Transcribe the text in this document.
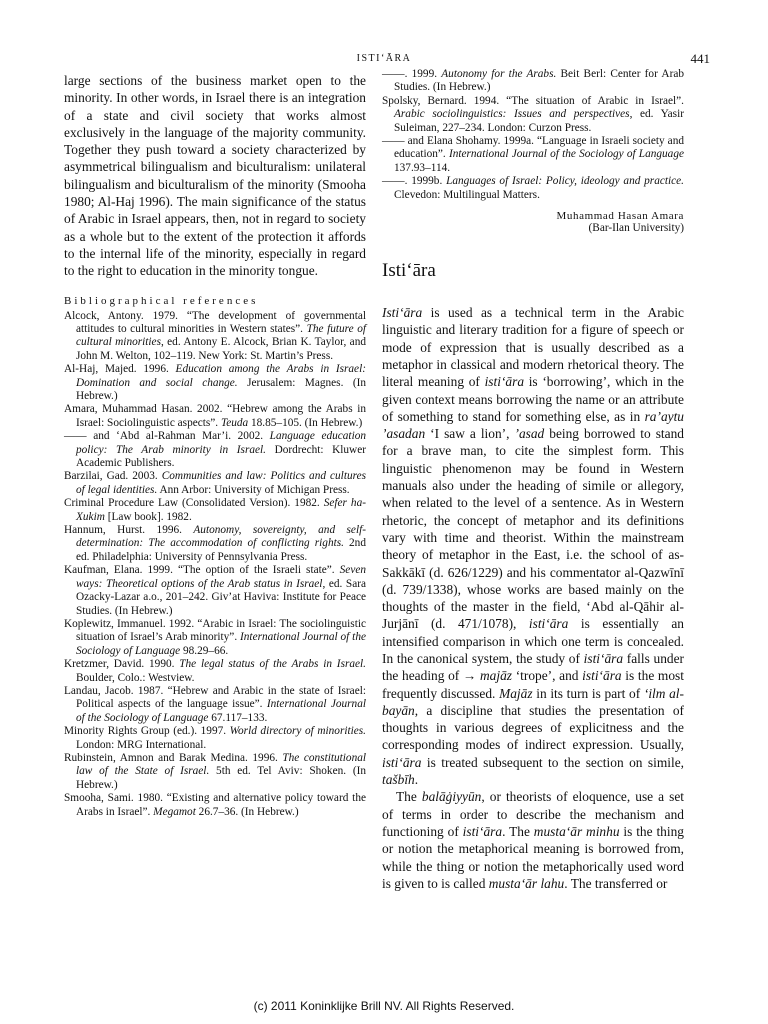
ISTI‘ĀRA	441

large sections of the business market open to the minority. In other words, in Israel there is an integration of a state and civil society that works almost exclusively in the language of the majority community. Together they push toward a society characterized by asymmetrical bilingualism and biculturalism: unilateral bilingualism and biculturalism of the minority (Smooha 1980; Al-Haj 1996). The main significance of the status of Arabic in Israel appears, then, not in regard to society as a whole but to the extent of the protection it affords to the internal life of the minority, especially in regard to the right to education in the minority tongue.

Bibliographical references

Alcock, Antony. 1979. “The development of governmental attitudes to cultural minorities in Western states”. The future of cultural minorities, ed. Antony E. Alcock, Brian K. Taylor, and John M. Welton, 102–119. New York: St. Martin’s Press.

Al-Haj, Majed. 1996. Education among the Arabs in Israel: Domination and social change. Jerusalem: Magnes. (In Hebrew.)

Amara, Muhammad Hasan. 2002. “Hebrew among the Arabs in Israel: Sociolinguistic aspects”. Teuda 18.85–105. (In Hebrew.)

—— and ‘Abd al-Rahman Mar’i. 2002. Language education policy: The Arab minority in Israel. Dordrecht: Kluwer Academic Publishers.

Barzilai, Gad. 2003. Communities and law: Politics and cultures of legal identities. Ann Arbor: University of Michigan Press.

Criminal Procedure Law (Consolidated Version). 1982. Sefer ha-Xukim [Law book]. 1982.

Hannum, Hurst. 1996. Autonomy, sovereignty, and self-determination: The accommodation of conflicting rights. 2nd ed. Philadelphia: University of Pennsylvania Press.

Kaufman, Elana. 1999. “The option of the Israeli state”. Seven ways: Theoretical options of the Arab status in Israel, ed. Sara Ozacky-Lazar a.o., 201–242. Giv’at Haviva: Institute for Peace Studies. (In Hebrew.)

Koplewitz, Immanuel. 1992. “Arabic in Israel: The sociolinguistic situation of Israel’s Arab minority”. International Journal of the Sociology of Language 98.29–66.

Kretzmer, David. 1990. The legal status of the Arabs in Israel. Boulder, Colo.: Westview.

Landau, Jacob. 1987. “Hebrew and Arabic in the state of Israel: Political aspects of the language issue”. International Journal of the Sociology of Language 67.117–133.

Minority Rights Group (ed.). 1997. World directory of minorities. London: MRG International.

Rubinstein, Amnon and Barak Medina. 1996. The constitutional law of the State of Israel. 5th ed. Tel Aviv: Shoken. (In Hebrew.)

Smooha, Sami. 1980. “Existing and alternative policy toward the Arabs in Israel”. Megamot 26.7–36. (In Hebrew.)

——. 1999. Autonomy for the Arabs. Beit Berl: Center for Arab Studies. (In Hebrew.)

Spolsky, Bernard. 1994. “The situation of Arabic in Israel”. Arabic sociolinguistics: Issues and perspectives, ed. Yasir Suleiman, 227–234. London: Curzon Press.

—— and Elana Shohamy. 1999a. “Language in Israeli society and education”. International Journal of the Sociology of Language 137.93–114.

——. 1999b. Languages of Israel: Policy, ideology and practice. Clevedon: Multilingual Matters.

Muhammad Hasan Amara

(Bar-Ilan University)

Isti‘āra

Isti‘āra is used as a technical term in the Arabic linguistic and literary tradition for a figure of speech or mode of expression that is usually described as a metaphor in classical and modern rhetorical theory. The literal meaning of isti‘āra is ‘borrowing’, which in the given context means borrowing the name or an attribute of something to stand for something else, as in ra’aytu ’asadan ‘I saw a lion’, ’asad being borrowed to stand for a brave man, to cite the simplest form. This linguistic phenomenon may be found in Western manuals also under the heading of simile or allegory, when related to the level of a sentence. As in Western rhetoric, the concept of metaphor and its definitions vary with time and theorist. Within the mainstream theory of metaphor in the East, i.e. the school of as-Sakkākī (d. 626/1229) and his commentator al-Qazwīnī (d. 739/1338), whose works are based mainly on the thoughts of the master in the field, ‘Abd al-Qāhir al-Jurjānī (d. 471/1078), isti‘āra is essentially an intensified comparison in which one term is concealed. In the canonical system, the study of isti‘āra falls under the heading of → majāz ‘trope’, and isti‘āra is the most frequently discussed. Majāz in its turn is part of ‘ilm al-bayān, a discipline that studies the presentation of thoughts in various degrees of explicitness and the corresponding modes of indirect expression. Usually, isti‘āra is treated subsequent to the section on simile, tašbīh.

The balāġiyyūn, or theorists of eloquence, use a set of terms in order to describe the mechanism and functioning of isti‘āra. The musta‘ār minhu is the thing or notion the metaphorical meaning is borrowed from, while the thing or notion the metaphorically used word is given to is called musta‘ār lahu. The transferred or

(c) 2011 Koninklijke Brill NV. All Rights Reserved.
